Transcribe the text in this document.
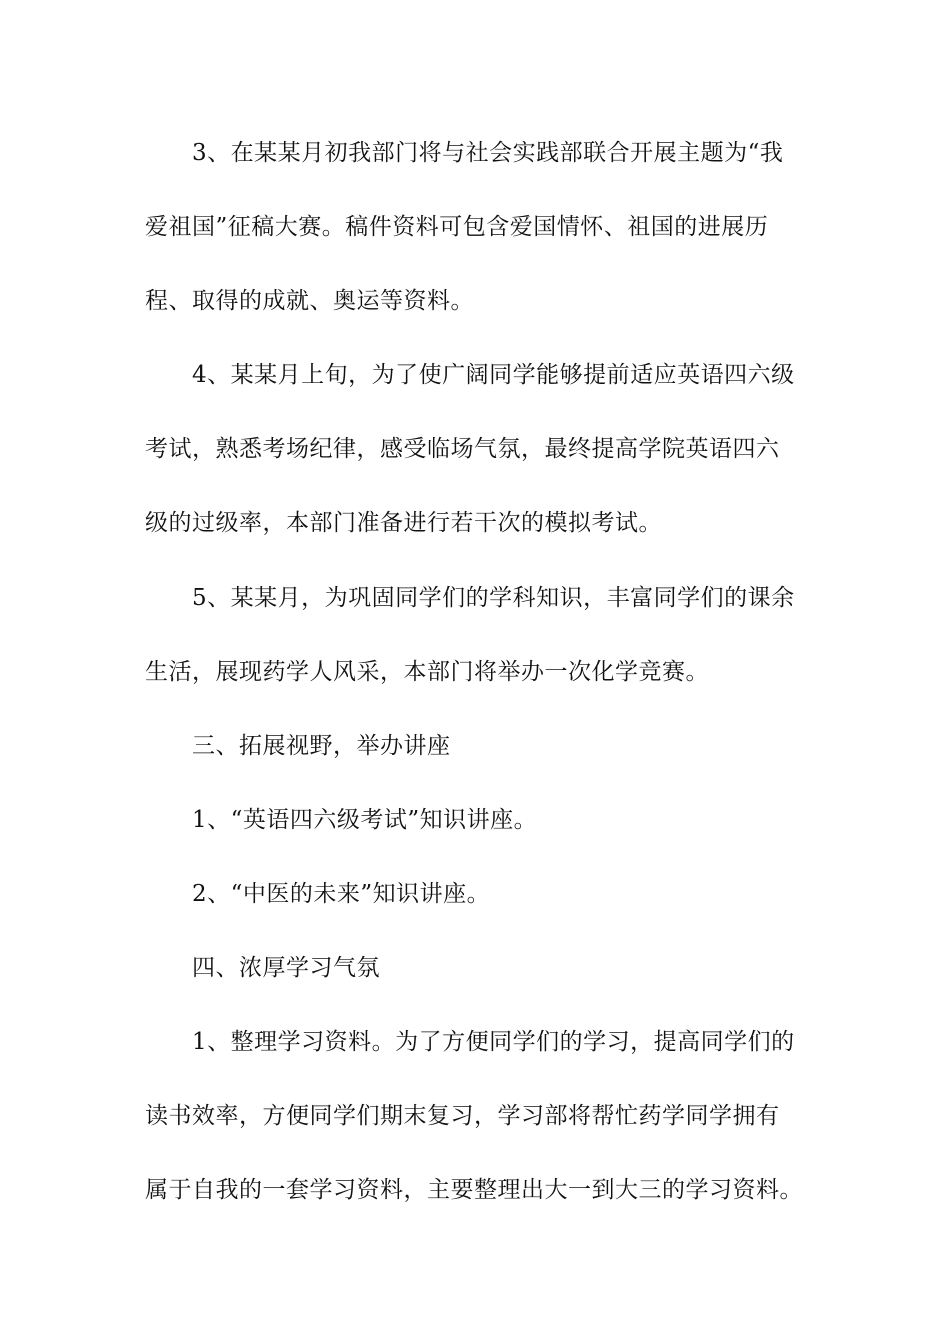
3、在某某月初我部门将与社会实践部联合开展主题为“我
爱祖国”征稿大赛。稿件资料可包含爱国情怀、祖国的进展历
程、取得的成就、奥运等资料。
4、某某月上旬，为了使广阔同学能够提前适应英语四六级
考试，熟悉考场纪律，感受临场气氛，最终提高学院英语四六
级的过级率，本部门准备进行若干次的模拟考试。
5、某某月，为巩固同学们的学科知识，丰富同学们的课余
生活，展现药学人风采，本部门将举办一次化学竞赛。
三、拓展视野，举办讲座
1、“英语四六级考试”知识讲座。
2、“中医的未来”知识讲座。
四、浓厚学习气氛
1、整理学习资料。为了方便同学们的学习，提高同学们的
读书效率，方便同学们期末复习，学习部将帮忙药学同学拥有
属于自我的一套学习资料，主要整理出大一到大三的学习资料。
